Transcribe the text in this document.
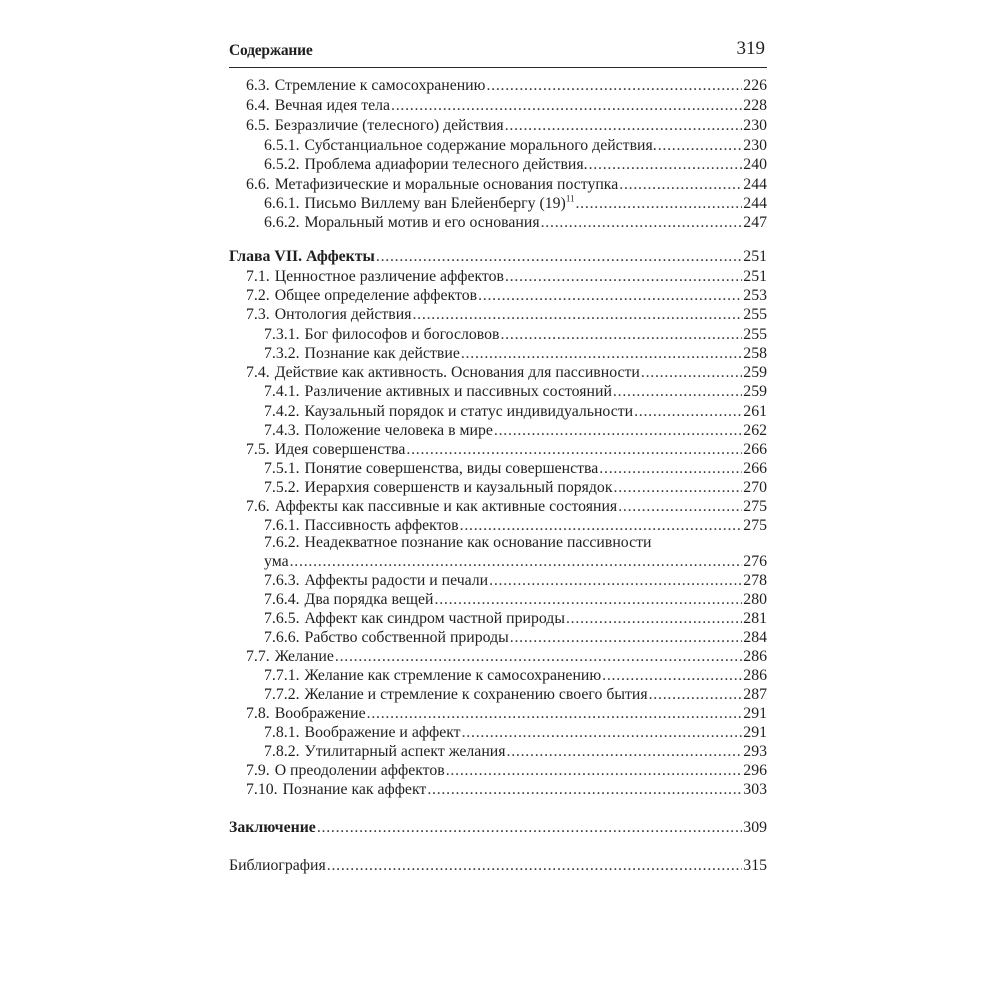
Содержание	319
6.3. Стремление к самосохранению . . .	226
6.4. Вечная идея тела . . .	228
6.5. Безразличие (телесного) действия . . .	230
6.5.1. Субстанциальное содержание морального действия. . . .	230
6.5.2. Проблема адиафории телесного действия. . . .	240
6.6. Метафизические и моральные основания поступка . . .	244
6.6.1. Письмо Виллему ван Блейенбергу $(19)^{11}$ . . .	244
6.6.2. Моральный мотив и его основания . . .	247
Глава VII. Аффекты . . .	251
7.1. Ценностное различение аффектов . . .	251
7.2. Общее определение аффектов . . .	253
7.3. Онтология действия . . .	255
7.3.1. Бог философов и богословов . . .	255
7.3.2. Познание как действие . . .	258
7.4. Действие как активность. Основания для пассивности . . .	259
7.4.1. Различение активных и пассивных состояний . . .	259
7.4.2. Каузальный порядок и статус индивидуальности . . .	261
7.4.3. Положение человека в мире . . .	262
7.5. Идея совершенства . . .	266
7.5.1. Понятие совершенства, виды совершенства . . .	266
7.5.2. Иерархия совершенств и каузальный порядок . . .	270
7.6. Аффекты как пассивные и как активные состояния . . .	275
7.6.1. Пассивность аффектов . . .	275
7.6.2. Неадекватное познание как основание пассивности
ума . . .	276
7.6.3. Аффекты радости и печали . . .	278
7.6.4. Два порядка вещей . . .	280
7.6.5. Аффект как синдром частной природы . . .	281
7.6.6. Рабство собственной природы . . .	284
7.7. Желание . . .	286
7.7.1. Желание как стремление к самосохранению . . .	286
7.7.2. Желание и стремление к сохранению своего бытия . . .	287
7.8. Воображение . . .	291
7.8.1. Воображение и аффект . . .	291
7.8.2. Утилитарный аспект желания . . .	293
7.9. О преодолении аффектов . . .	296
7.10. Познание как аффект . . .	303
Заключение . . .	309
Библиография . . .	315
